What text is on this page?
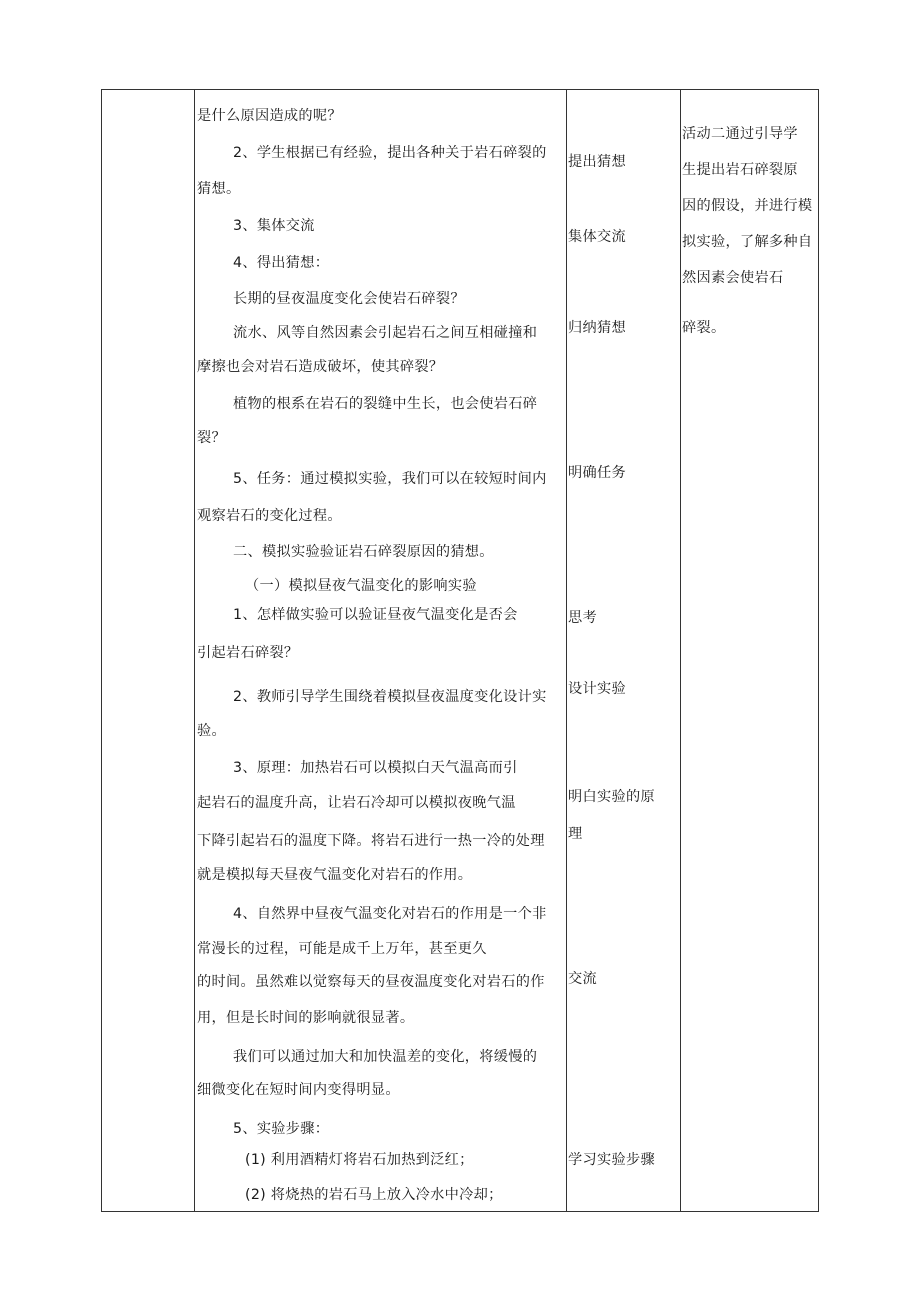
是什么原因造成的呢？
2、学生根据已有经验，提出各种关于岩石碎裂的
猜想。
3、集体交流
4、得出猜想：
长期的昼夜温度变化会使岩石碎裂？
流水、风等自然因素会引起岩石之间互相碰撞和
摩擦也会对岩石造成破坏，使其碎裂？
植物的根系在岩石的裂缝中生长，也会使岩石碎
裂？
5、任务：通过模拟实验，我们可以在较短时间内
观察岩石的变化过程。
二、模拟实验验证岩石碎裂原因的猜想。
（一）模拟昼夜气温变化的影响实验
1、怎样做实验可以验证昼夜气温变化是否会
引起岩石碎裂？
2、教师引导学生围绕着模拟昼夜温度变化设计实
验。
3、原理：加热岩石可以模拟白天气温高而引
起岩石的温度升高，让岩石冷却可以模拟夜晚气温
下降引起岩石的温度下降。将岩石进行一热一冷的处理
就是模拟每天昼夜气温变化对岩石的作用。
4、自然界中昼夜气温变化对岩石的作用是一个非
常漫长的过程，可能是成千上万年，甚至更久
的时间。虽然难以觉察每天的昼夜温度变化对岩石的作
用，但是长时间的影响就很显著。
我们可以通过加大和加快温差的变化，将缓慢的
细微变化在短时间内变得明显。
5、实验步骤：
(1) 利用酒精灯将岩石加热到泛红；
(2) 将烧热的岩石马上放入冷水中冷却；
提出猜想
集体交流
归纳猜想
明确任务
思考
设计实验
明白实验的原
理
交流
学习实验步骤
活动二通过引导学
生提出岩石碎裂原
因的假设，并进行模
拟实验，了解多种自
然因素会使岩石
碎裂。
